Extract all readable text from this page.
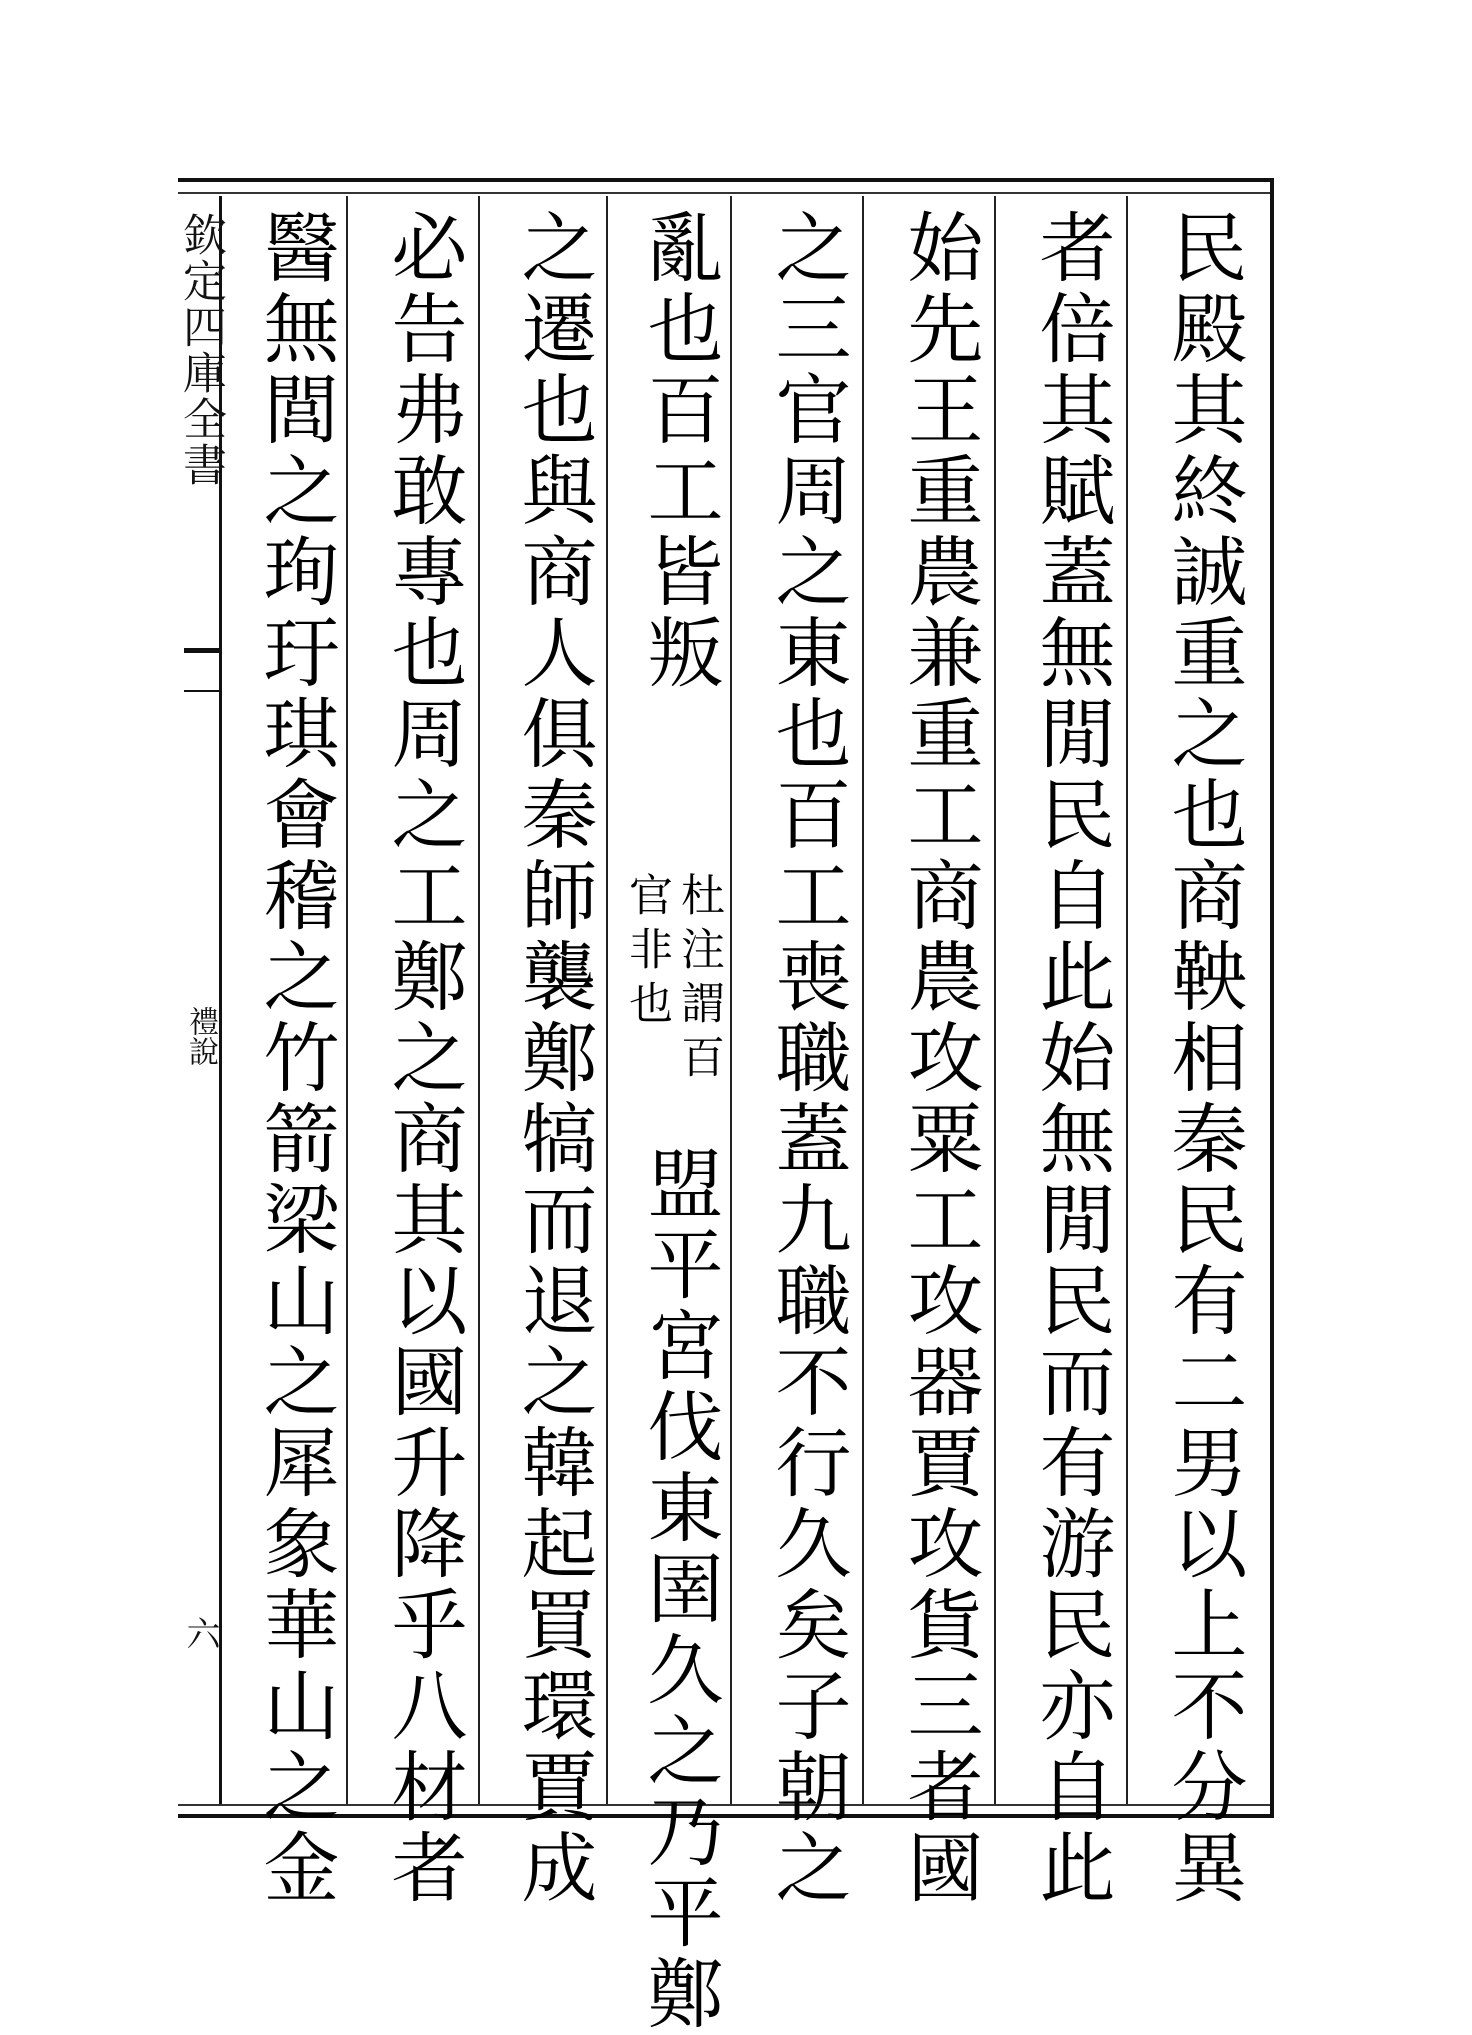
欽定四庫全書
禮說
六	民殿其終誠重之也商鞅相秦民有二男以上不分異
者倍其賦蓋無閒民自此始無閒民而有游民亦自此
始先王重農兼重工商農攻粟工攻器賈攻貨三者國
之三官周之東也百工喪職蓋九職不行久矣子朝之
亂也百工皆叛
杜注謂百
官非也
盟平宮伐東圉久之乃平鄭
之遷也與商人俱秦師襲鄭犒而退之韓起買環賈成
必告弗敢專也周之工鄭之商其以國升降乎八材者
醫無閭之珣玗琪會稽之竹箭梁山之犀象華山之金
